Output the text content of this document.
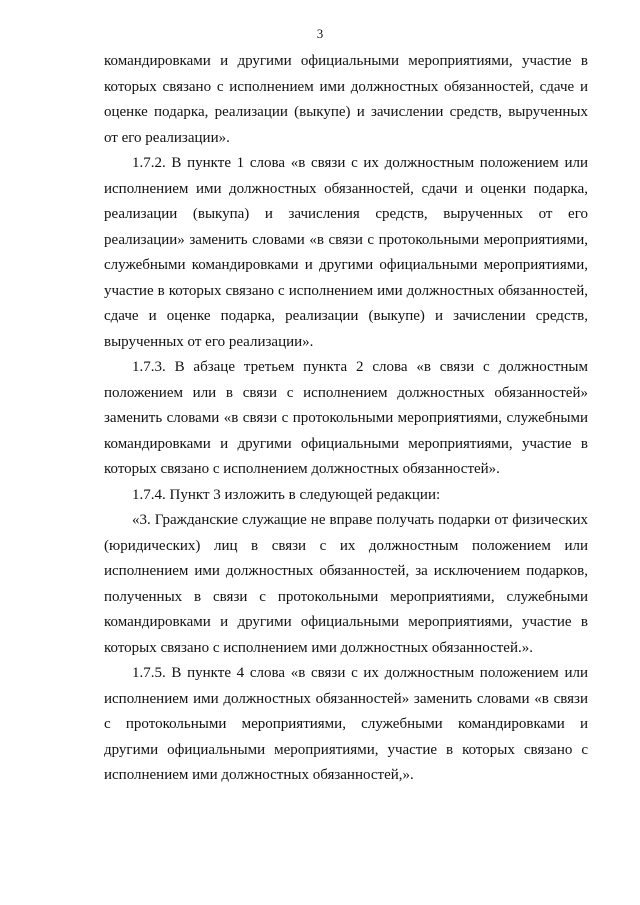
3

командировками и другими официальными мероприятиями, участие в которых связано с исполнением ими должностных обязанностей, сдаче и оценке подарка, реализации (выкупе) и зачислении средств, вырученных от его реализации».

1.7.2. В пункте 1 слова «в связи с их должностным положением или исполнением ими должностных обязанностей, сдачи и оценки подарка, реализации (выкупа) и зачисления средств, вырученных от его реализации» заменить словами «в связи с протокольными мероприятиями, служебными командировками и другими официальными мероприятиями, участие в которых связано с исполнением ими должностных обязанностей, сдаче и оценке подарка, реализации (выкупе) и зачислении средств, вырученных от его реализации».

1.7.3. В абзаце третьем пункта 2 слова «в связи с должностным положением или в связи с исполнением должностных обязанностей» заменить словами «в связи с протокольными мероприятиями, служебными командировками и другими официальными мероприятиями, участие в которых связано с исполнением должностных обязанностей».

1.7.4. Пункт 3 изложить в следующей редакции:

«3. Гражданские служащие не вправе получать подарки от физических (юридических) лиц в связи с их должностным положением или исполнением ими должностных обязанностей, за исключением подарков, полученных в связи с протокольными мероприятиями, служебными командировками и другими официальными мероприятиями, участие в которых связано с исполнением ими должностных обязанностей.».

1.7.5. В пункте 4 слова «в связи с их должностным положением или исполнением ими должностных обязанностей» заменить словами «в связи с протокольными мероприятиями, служебными командировками и другими официальными мероприятиями, участие в которых связано с исполнением ими должностных обязанностей,».
